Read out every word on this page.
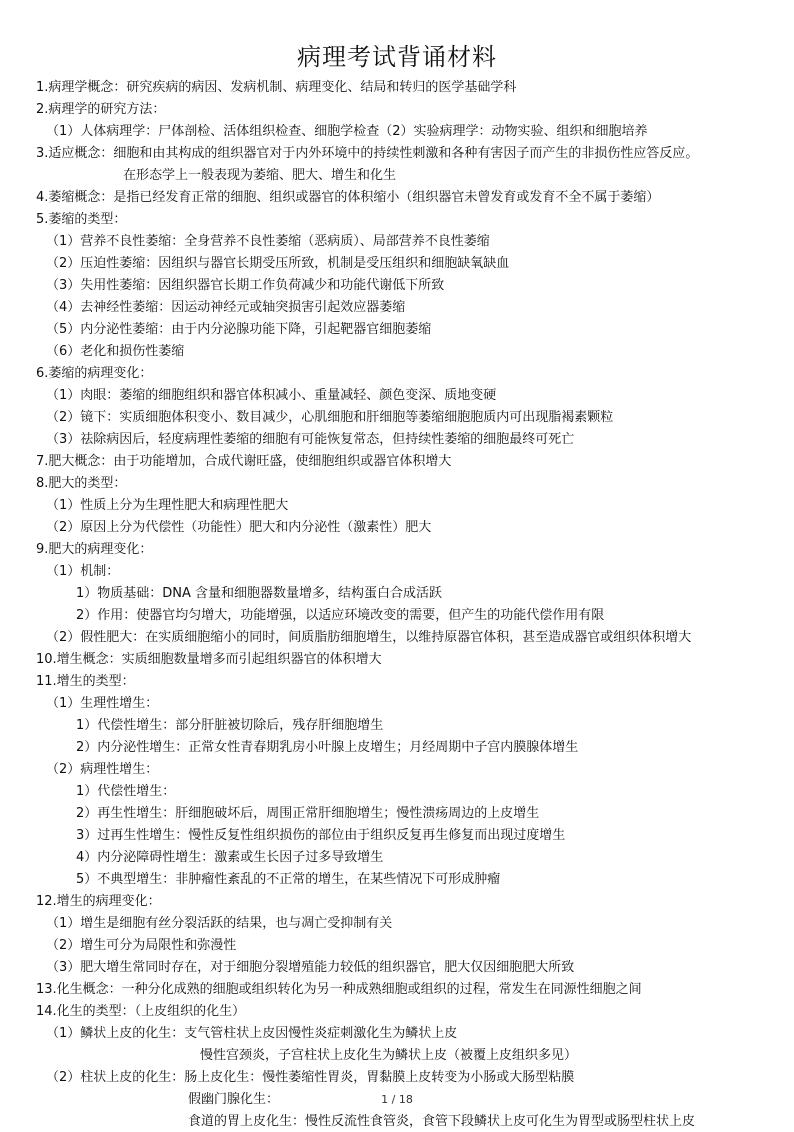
病理考试背诵材料
1.病理学概念：研究疾病的病因、发病机制、病理变化、结局和转归的医学基础学科
2.病理学的研究方法：
（1）人体病理学：尸体剖检、活体组织检查、细胞学检查（2）实验病理学：动物实验、组织和细胞培养
3.适应概念：细胞和由其构成的组织器官对于内外环境中的持续性刺激和各种有害因子而产生的非损伤性应答反应。
在形态学上一般表现为萎缩、肥大、增生和化生
4.萎缩概念：是指已经发育正常的细胞、组织或器官的体积缩小（组织器官未曾发育或发育不全不属于萎缩）
5.萎缩的类型：
（1）营养不良性萎缩：全身营养不良性萎缩（恶病质）、局部营养不良性萎缩
（2）压迫性萎缩：因组织与器官长期受压所致，机制是受压组织和细胞缺氧缺血
（3）失用性萎缩：因组织器官长期工作负荷减少和功能代谢低下所致
（4）去神经性萎缩：因运动神经元或轴突损害引起效应器萎缩
（5）内分泌性萎缩：由于内分泌腺功能下降，引起靶器官细胞萎缩
（6）老化和损伤性萎缩
6.萎缩的病理变化：
（1）肉眼：萎缩的细胞组织和器官体积减小、重量减轻、颜色变深、质地变硬
（2）镜下：实质细胞体积变小、数目减少，心肌细胞和肝细胞等萎缩细胞胞质内可出现脂褐素颗粒
（3）祛除病因后，轻度病理性萎缩的细胞有可能恢复常态，但持续性萎缩的细胞最终可死亡
7.肥大概念：由于功能增加，合成代谢旺盛，使细胞组织或器官体积增大
8.肥大的类型：
（1）性质上分为生理性肥大和病理性肥大
（2）原因上分为代偿性（功能性）肥大和内分泌性（激素性）肥大
9.肥大的病理变化：
（1）机制：
1）物质基础：DNA 含量和细胞器数量增多，结构蛋白合成活跃
2）作用：使器官均匀增大，功能增强，以适应环境改变的需要，但产生的功能代偿作用有限
（2）假性肥大：在实质细胞缩小的同时，间质脂肪细胞增生，以维持原器官体积，甚至造成器官或组织体积增大
10.增生概念：实质细胞数量增多而引起组织器官的体积增大
11.增生的类型：
（1）生理性增生：
1）代偿性增生：部分肝脏被切除后，残存肝细胞增生
2）内分泌性增生：正常女性青春期乳房小叶腺上皮增生；月经周期中子宫内膜腺体增生
（2）病理性增生：
1）代偿性增生：
2）再生性增生：肝细胞破坏后，周围正常肝细胞增生；慢性溃疡周边的上皮增生
3）过再生性增生：慢性反复性组织损伤的部位由于组织反复再生修复而出现过度增生
4）内分泌障碍性增生：激素或生长因子过多导致增生
5）不典型增生：非肿瘤性紊乱的不正常的增生，在某些情况下可形成肿瘤
12.增生的病理变化：
（1）增生是细胞有丝分裂活跃的结果，也与凋亡受抑制有关
（2）增生可分为局限性和弥漫性
（3）肥大增生常同时存在，对于细胞分裂增殖能力较低的组织器官，肥大仅因细胞肥大所致
13.化生概念：一种分化成熟的细胞或组织转化为另一种成熟细胞或组织的过程，常发生在同源性细胞之间
14.化生的类型：（上皮组织的化生）
（1）鳞状上皮的化生：支气管柱状上皮因慢性炎症刺激化生为鳞状上皮
慢性宫颈炎，子宫柱状上皮化生为鳞状上皮（被覆上皮组织多见）
（2）柱状上皮的化生：肠上皮化生：慢性萎缩性胃炎，胃黏膜上皮转变为小肠或大肠型粘膜
假幽门腺化生：
食道的胃上皮化生：慢性反流性食管炎，食管下段鳞状上皮可化生为胃型或肠型柱状上皮
1 / 18
